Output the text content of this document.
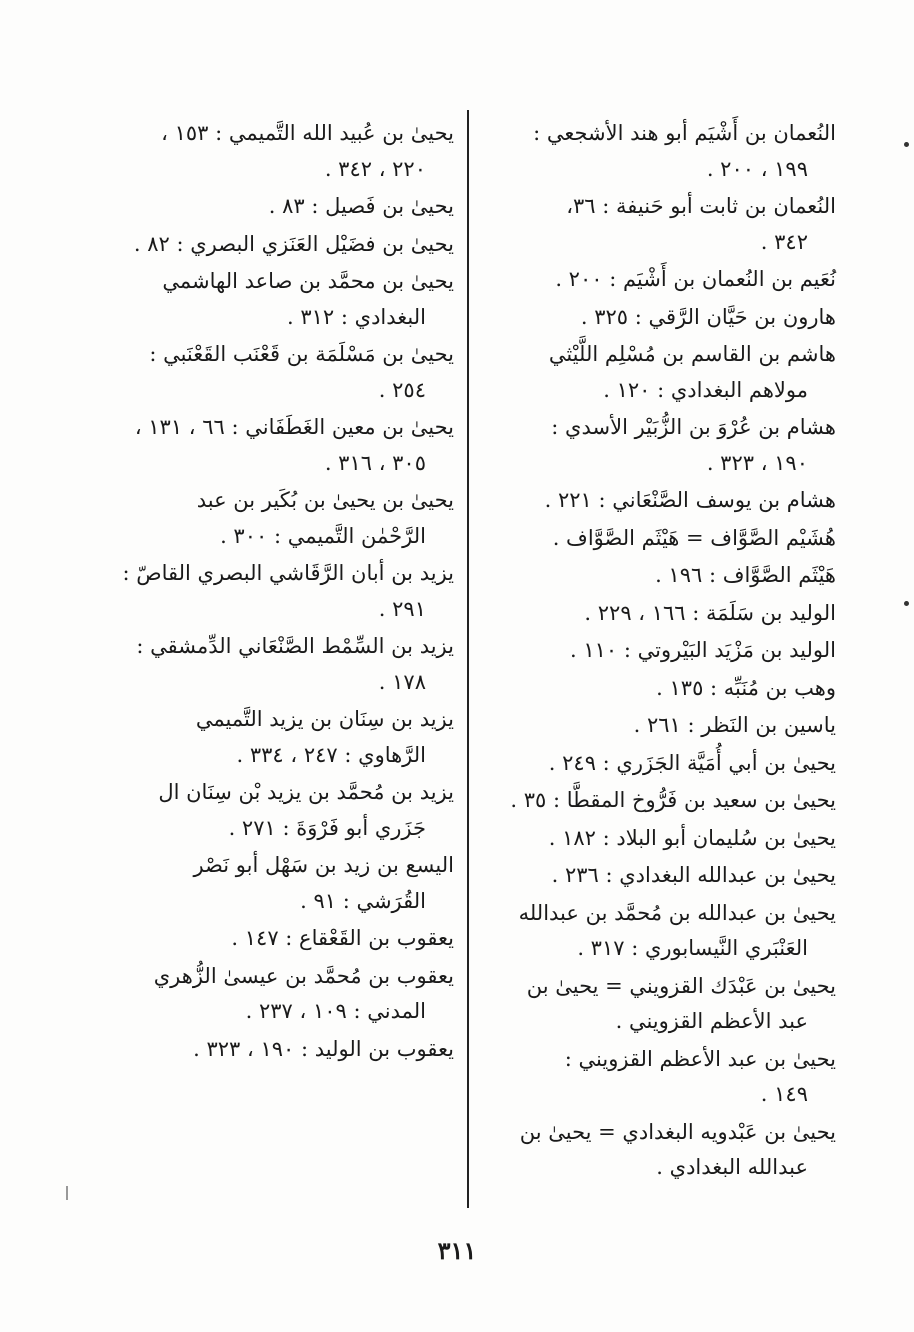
النُعمان بن أَشْيَم أبو هند الأشجعي :
١٩٩ ، ٢٠٠ .
النُعمان بن ثابت أبو حَنيفة : ٣٦،
٣٤٢ .
نُعَيم بن النُعمان بن أَشْيَم : ٢٠٠ .
هارون بن حَيَّان الرَّقي : ٣٢٥ .
هاشم بن القاسم بن مُسْلِم اللَّيْثي
مولاهم البغدادي : ١٢٠ .
هشام بن عُرْوَ بن الزُّبَيْر الأسدي :
١٩٠ ، ٣٢٣ .
هشام بن يوسف الصَّنْعَاني : ٢٢١ .
هُشَيْم الصَّوَّاف = هَيْثَم الصَّوَّاف .
هَيْثَم الصَّوَّاف : ١٩٦ .
الوليد بن سَلَمَة : ١٦٦ ، ٢٢٩ .
الوليد بن مَزْيَد البَيْروتي : ١١٠ .
وهب بن مُنَبِّه : ١٣٥ .
ياسين بن النَظر : ٢٦١ .
يحيىٰ بن أبي أُمَيَّة الجَزَري : ٢٤٩ .
يحيىٰ بن سعيد بن فَرُّوخ المقطَّا : ٣٥ .
يحيىٰ بن سُليمان أبو البلاد : ١٨٢ .
يحيىٰ بن عبدالله البغدادي : ٢٣٦ .
يحيىٰ بن عبدالله بن مُحمَّد بن عبدالله
العَنْبَري النَّيسابوري : ٣١٧ .
يحيىٰ بن عَبْدَك القزويني = يحيىٰ بن
عبد الأعظم القزويني .
يحيىٰ بن عبد الأعظم القزويني :
١٤٩ .
يحيىٰ بن عَبْدويه البغدادي = يحيىٰ بن
عبدالله البغدادي .
يحيىٰ بن عُبيد الله التَّميمي : ١٥٣ ،
٢٢٠ ، ٣٤٢ .
يحيىٰ بن فَصيل : ٨٣ .
يحيىٰ بن فضَيْل العَنَزي البصري : ٨٢ .
يحيىٰ بن محمَّد بن صاعد الهاشمي
البغدادي : ٣١٢ .
يحيىٰ بن مَسْلَمَة بن قَعْنَب القَعْنَبي :
٢٥٤ .
يحيىٰ بن معين الغَطَفَاني : ٦٦ ، ١٣١ ،
٣٠٥ ، ٣١٦ .
يحيىٰ بن يحيىٰ بن بُكَير بن عبد
الرَّحْمٰن التَّميمي : ٣٠٠ .
يزيد بن أبان الرَّقَاشي البصري القاصّ :
٢٩١ .
يزيد بن السِّمْط الصَّنْعَاني الدِّمشقي :
١٧٨ .
يزيد بن سِنَان بن يزيد التَّميمي
الرَّهاوي : ٢٤٧ ، ٣٣٤ .
يزيد بن مُحمَّد بن يزيد بْن سِنَان ال
جَزَري أبو فَرْوَةَ : ٢٧١ .
اليسع بن زيد بن سَهْل أبو نَصْر
القُرَشي : ٩١ .
يعقوب بن القَعْقاع : ١٤٧ .
يعقوب بن مُحمَّد بن عيسىٰ الزُّهري
المدني : ١٠٩ ، ٢٣٧ .
يعقوب بن الوليد : ١٩٠ ، ٣٢٣ .
٣١١
